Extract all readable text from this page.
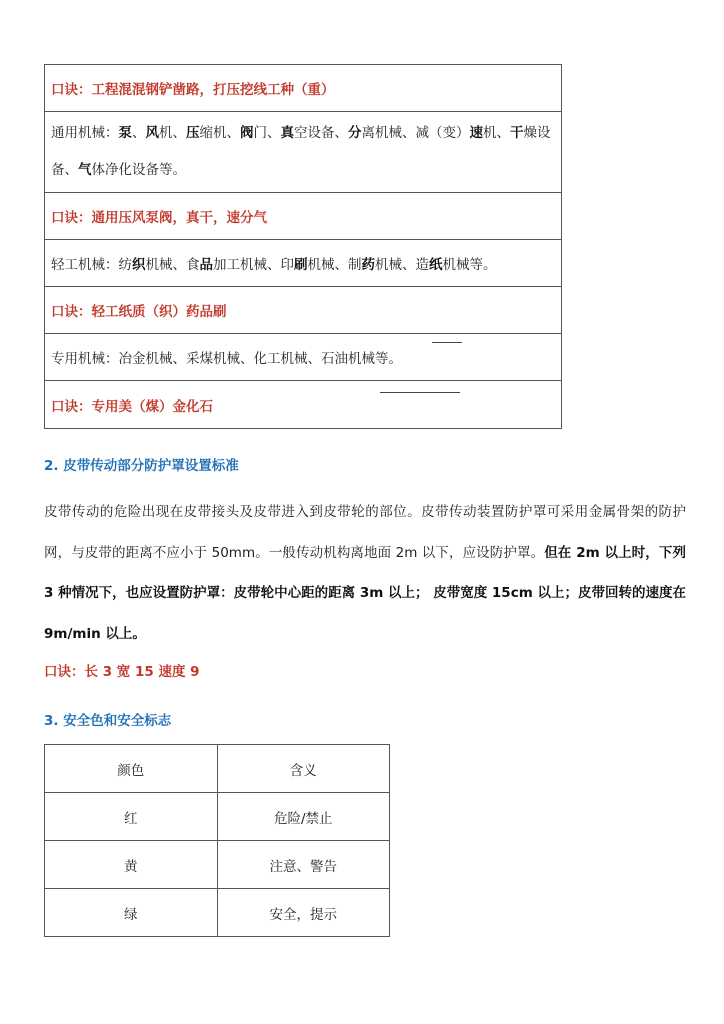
口诀：工程混混钢铲凿路，打压挖线工种（重）
通用机械：泵、风机、压缩机、阀门、真空设备、分离机械、减（变）速机、干燥设备、气体净化设备等。
口诀：通用压风泵阀，真干，速分气
轻工机械：纺 织 机械、食 品 加工机械、印 刷 机械、制 药 机械、造 纸 机械等。
口诀：轻工纸质（织）药品刷
专用机械：冶金机械、采煤机械、化工机械、石油机械等。
口诀：专用美（煤）金化石
2. 皮带传动部分防护罩设置标准
皮带传动的危险出现在皮带接头及皮带进入到皮带轮的部位。皮带传动装置防护罩可采用金属骨架的防护网，与皮带的距离不应小于 50mm。一般传动机构离地面 2m 以下，应设防护罩。但在 2m 以上时，下列 3 种情况下，也应设置防护罩：皮带轮中心距的距离 3m 以上； 皮带宽度 15cm 以上；皮带回转的速度在 9m/min 以上。
口诀：长 3 宽 15 速度 9
3. 安全色和安全标志
颜色	含义
红	危险/禁止
黄	注意、警告
绿	安全，提示
